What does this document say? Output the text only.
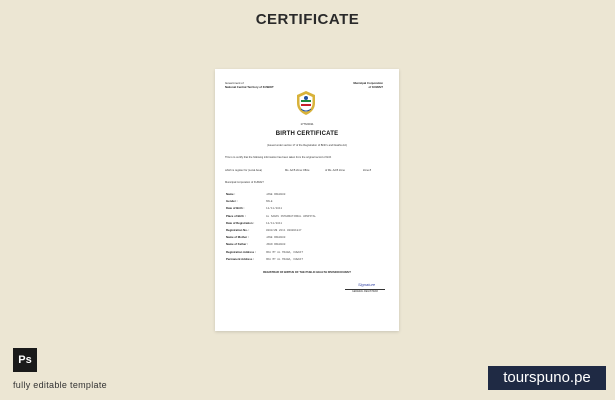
CERTIFICATE
Government of
National Central Territory of KUWAIT
Municipal Corporation
of KUWAIT
1776/2011
BIRTH CERTIFICATE
(Issued under section 17 of the Registration of Birth's and Deaths Act)
This is to certify that the following information has been taken from the original record of birth
which is register for (Local Area)	Ms. Ad B Zone Office	of Ms. Ad B Zone	Zone 8
Municipal Corporation of KUWAIT
Name :	JANE DOE0000
Gender :	MALE
Date of Birth :	12/11/2011
Place of Birth :	AL SADAS INTERNATIONAL HOSPITAL
Date of Registration :	12/11/2011
Registration No. :	0000/ZB 2011 000001847
Name of Mother :	JANE DOE0000
Name of Father :	JOHN DOE0000
Registration Address :	OKA MT AL MFAWA, KUWAIT
Permanent Address :	OKA MT AL MFAWA, KUWAIT
REGISTRAR OF BIRTHS OF THE PUBLIC HEALTH DIVISION KUWAIT
Signature
GENERAL REGISTRAR
Ps
fully editable template	tourspuno.pe
